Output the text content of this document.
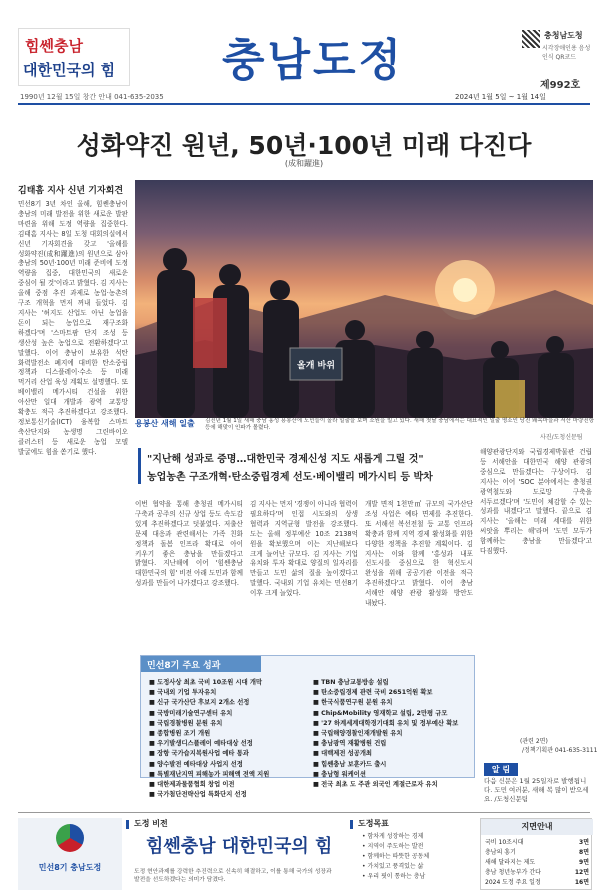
힘쎈충남
대한민국의 힘 충남도정	충청남도청
시각장애인용 음성인식 QR코드
제992호
1990년 12월 15일 창간 안내 041-635-2035	2024년 1월 5일 ~ 1월 14일
성화약진 원년, 50년·100년 미래 다진다
(成和躍進)
김태흠 지사 신년 기자회견
올개 바위
용봉산 새해 일출 김진년 1월 1일 새해 충남 홍성 용봉산에 도민들이 올라 일출을 보며 소원을 빌고 있다. 새해 첫날 충남에서는 대표적인 일출 명소인 당진 왜목마을과 서산 마량진항 등에 해맞이 인파가 몰렸다.
사진/도청신문팀
민선8기 3년 차인 올해, 힘쎈충남이 충남의 미래 발전을 위한 새로운 발판 마련을 위해 도정 역량을 집중한다. 김태흠 지사는 8일 도청 대회의실에서 신년 기자회견을 갖고 '올해를 성화약진(成和躍進)의 원년으로 삼아 충남의 50년·100년 미래 준비에 도정 역량을 집중, 대한민국의 새로운 중심이 될 것'이라고 밝혔다. 김 지사는 올해 중점 추진 과제로 농업·농촌의 구조 개혁을 먼저 꺼내 들었다. 김 지사는 '허지도 산업도 아닌 농업을 돈이 되는 농업으로 재구조화 하겠다'며 '스마트팜 단지 조성 등 생산성 높은 농업으로 전환하겠다'고 말했다. 이어 충남이 보유한 석탄 화력발전소 폐지에 대비한 탄소중립 정책과 디스플레이·수소 등 미래 먹거리 산업 육성 계획도 설명했다. 또 베이밸리 메가시티 건설을 위한 아산만 일대 개발과 광역 교통망 확충도 적극 추진하겠다고 강조했다. 정보통신기술(ICT) 융복합 스마트 축산단지와 농생명 그린바이오 클러스터 등 새로운 농업 모델 발굴에도 힘을 쏟기로 했다.
"지난해 성과로 증명…대한민국 경제신성 지도 새롭게 그릴 것"
농업농촌 구조개혁·탄소중립경제 선도·베이밸리 메가시티 등 박차
이번 협약을 통해 충청권 메가시티 구축과 공주의 신규 상업 등도 속도감 있게 추진하겠다고 덧붙였다. 저출산 문제 대응과 관련해서는 가족 친화 정책과 돌봄 인프라 확대로 아이 키우기 좋은 충남을 만들겠다고 밝혔다. 지난해에 이어 '힘쎈충남 대한민국의 힘' 비전 아래 도민과 함께 성과를 만들어 나가겠다고 강조했다.
김 지사는 먼저 '경쟁이 아니라 협력이 필요하다'며 인접 시도와의 상생 협력과 지역균형 발전을 강조했다. 도는 올해 정부예산 10조 2138억 원을 확보했으며 이는 지난해보다 크게 늘어난 규모다. 김 지사는 기업 유치와 투자 확대로 양질의 일자리를 만들고 도민 삶의 질을 높이겠다고 말했다. 국내외 기업 유치는 민선8기 이후 크게 늘었다.
개발 면적 1천만㎡ 규모의 국가산단 조성 사업은 예타 면제를 추진한다. 또 서해선 복선전철 등 교통 인프라 확충과 함께 지역 경제 활성화를 위한 다양한 정책을 추진할 계획이다. 김 지사는 이와 함께 '홍성과 내포 신도시를 중심으로 한 혁신도시 완성을 위해 공공기관 이전을 적극 추진하겠다'고 밝혔다. 이어 충남 서해안 해양 관광 활성화 방안도 내놨다.
해양관광단지와 국립경제박물관 건립 등 서해안을 대한민국 해양 관광의 중심으로 만들겠다는 구상이다. 김 지사는 이어 'SOC 분야에서는 충청권 광역철도와 도로망 구축을 서두르겠다'며 '도민이 체감할 수 있는 성과를 내겠다'고 말했다. 끝으로 김 지사는 '올해는 미래 세대를 위한 씨앗을 뿌리는 해'라며 '도민 모두가 함께하는 충남을 만들겠다'고 다짐했다.
민선8기 주요 성과
■ 도정사상 최초 국비 10조원 시대 개막
■ 국내외 기업 투자유치
■ 신규 국가산단 후보지 2개소 선정
■ 국방미래기술연구센터 유치
■ 국립경찰병원 분원 유치
■ 종합병원 조기 개원
■ 우기발생디스플레이 예타대상 선정
■ 장항 국가습지복원사업 예타 통과
■ 양수발전 예타대상 사업지 선정
■ 특별재난지역 피해농가 피해액 전액 지원
■ 대한제과물품협회 창업 이전
■ 국가첨단전략산업 특화단지 선정
■ TBN 충남교통방송 설립
■ 탄소중립경제 관련 국비 2651억원 확보
■ 한국식품연구원 분원 유치
■ Chip&Mobility 영재학교 설립, 2만평 규모
■ '27 하계세계대학경기대회 유치 및 정부예산 확보
■ 국립해양경찰인재개발원 유치
■ 충남광역 재활병원 건립
■ 대백제전 성공개최
■ 힘쎈충남 보훈카드 출시
■ 충남형 워케이션
■ 전국 최초 도 주관 외국인 계절근로자 유치
(관련 2면)
/정책기획관 041-635-3111
알 림
다음 신문은 1월 25일자로 발행됩니다. 도민 여러분, 새해 복 많이 받으세요. /도청신문팀
민선8기 충남도정
도정 비전
힘쎈충남 대한민국의 힘
도정 현안과제를 강력한 추진력으로 신속히 해결하고, 이를 통해 국가의 성장과 발전을 선도하겠다는 의미가 담겼다.
도정목표
• 함차게 성장하는 경제
• 지역이 주도하는 발전
• 함께하는 따뜻한 공동체
• 가치있고 풍격있는 삶
• 우리 핏이 통하는 충남
지면안내
국비 10조시대	3면
충남의 흥기	8면
새해 달라지는 제도	9면
충남 청년농부가 간다	12면
2024 도정 주요 일정	16면
